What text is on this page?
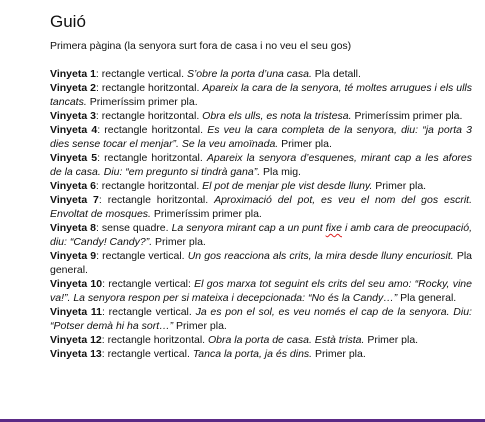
Guió

Primera pàgina (la senyora surt fora de casa i no veu el seu gos)

Vinyeta 1: rectangle vertical. S’obre la porta d’una casa. Pla detall.

Vinyeta 2: rectangle horitzontal. Apareix la cara de la senyora, té moltes arrugues i els ulls tancats. Primeríssim primer pla.

Vinyeta 3: rectangle horitzontal. Obra els ulls, es nota la tristesa. Primeríssim primer pla.

Vinyeta 4: rectangle horitzontal. Es veu la cara completa de la senyora, diu: “ja porta 3 dies sense tocar el menjar”. Se la veu amoïnada. Primer pla.

Vinyeta 5: rectangle horitzontal. Apareix la senyora d’esquenes, mirant cap a les afores de la casa. Diu: “em pregunto si tindrà gana”. Pla mig.

Vinyeta 6: rectangle horitzontal. El pot de menjar ple vist desde lluny. Primer pla.

Vinyeta 7: rectangle horitzontal. Aproximació del pot, es veu el nom del gos escrit. Envoltat de mosques. Primeríssim primer pla.

Vinyeta 8: sense quadre. La senyora mirant cap a un punt fixe i amb cara de preocupació, diu: “Candy! Candy?”. Primer pla.

Vinyeta 9: rectangle vertical. Un gos reacciona als crits, la mira desde lluny encuriosit. Pla general.

Vinyeta 10: rectangle vertical: El gos marxa tot seguint els crits del seu amo: “Rocky, vine va!”. La senyora respon per si mateixa i decepcionada: “No és la Candy…” Pla general.

Vinyeta 11: rectangle vertical. Ja es pon el sol, es veu només el cap de la senyora. Diu: “Potser demà hi ha sort…” Primer pla.

Vinyeta 12: rectangle horitzontal. Obra la porta de casa. Està trista. Primer pla.

Vinyeta 13: rectangle vertical. Tanca la porta, ja és dins. Primer pla.
